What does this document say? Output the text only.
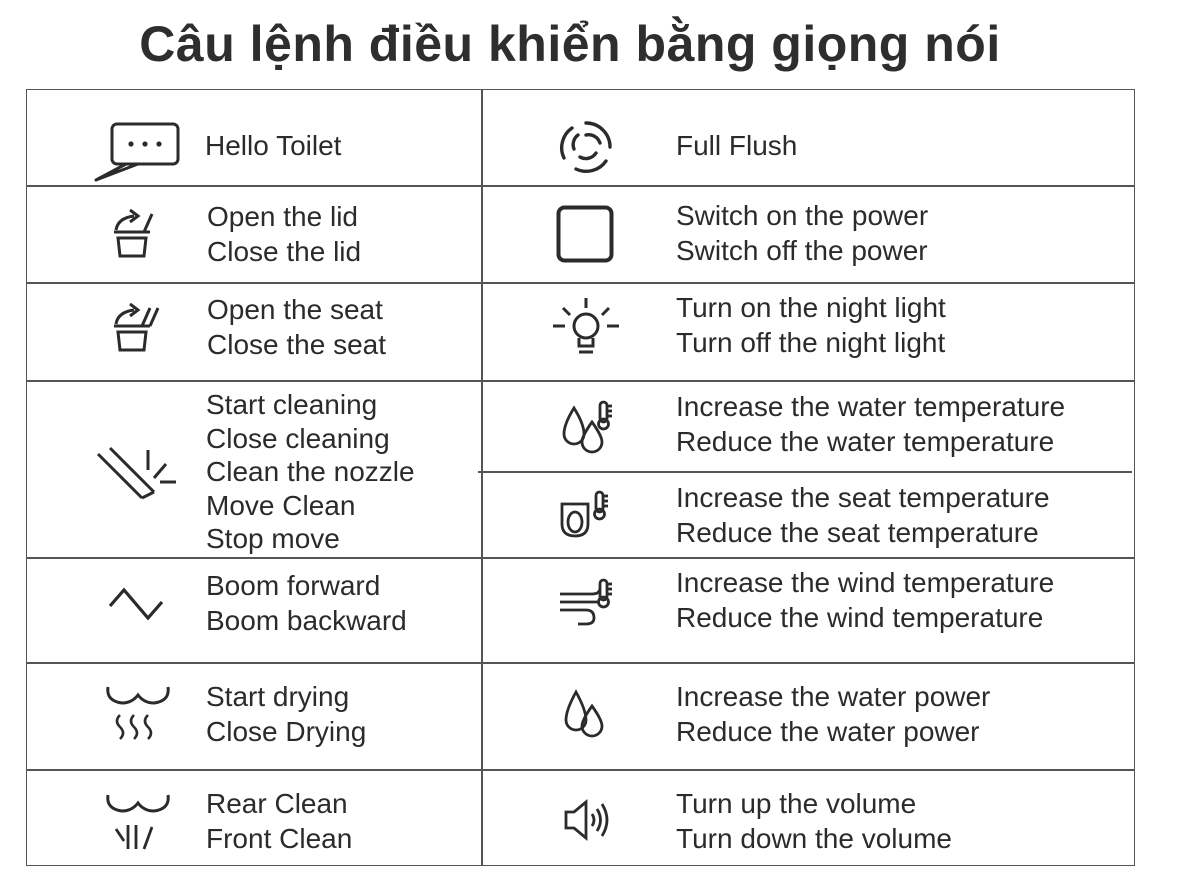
Câu lệnh điều khiển bằng giọng nói
Hello Toilet
Open the lid
Close the lid
Open the seat
Close the seat
Start cleaning
Close cleaning
Clean the nozzle
Move Clean
Stop move
Boom forward
Boom backward
Start drying
Close Drying
Rear Clean
Front Clean
Full Flush
Switch on the power
Switch off the power
Turn on the night light
Turn off the night light
Increase the water temperature
Reduce the water temperature
Increase the seat temperature
Reduce the seat temperature
Increase the wind temperature
Reduce the wind temperature
Increase the water power
Reduce the water power
Turn up the volume
Turn down the volume
